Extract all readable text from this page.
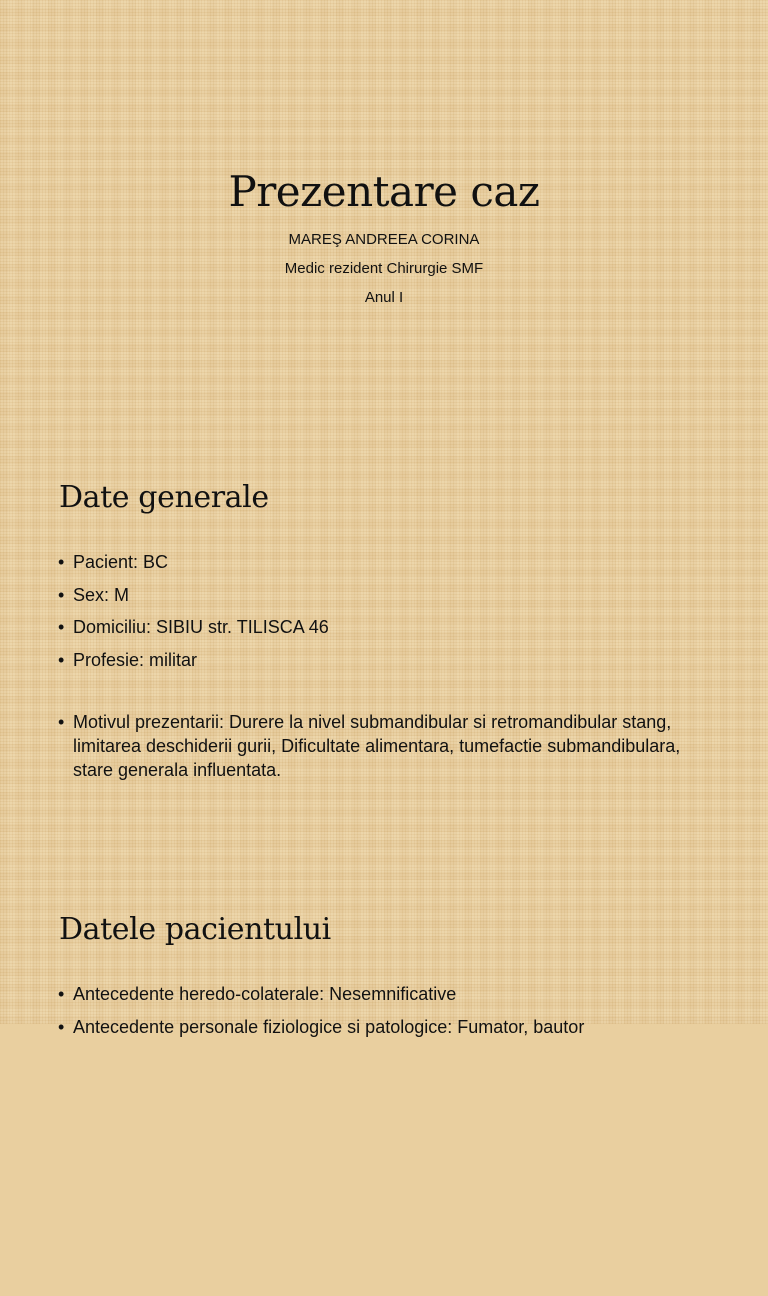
Prezentare caz
MAREŞ ANDREEA CORINA
Medic rezident Chirurgie SMF
Anul I
Date generale
• Pacient: BC
• Sex: M
• Domiciliu: SIBIU str. TILISCA 46
• Profesie: militar
• Motivul prezentarii: Durere la nivel submandibular si retromandibular stang, limitarea deschiderii gurii, Dificultate alimentara, tumefactie submandibulara, stare generala influentata.
Datele pacientului
• Antecedente heredo-colaterale: Nesemnificative
• Antecedente personale fiziologice si patologice: Fumator, bautor
